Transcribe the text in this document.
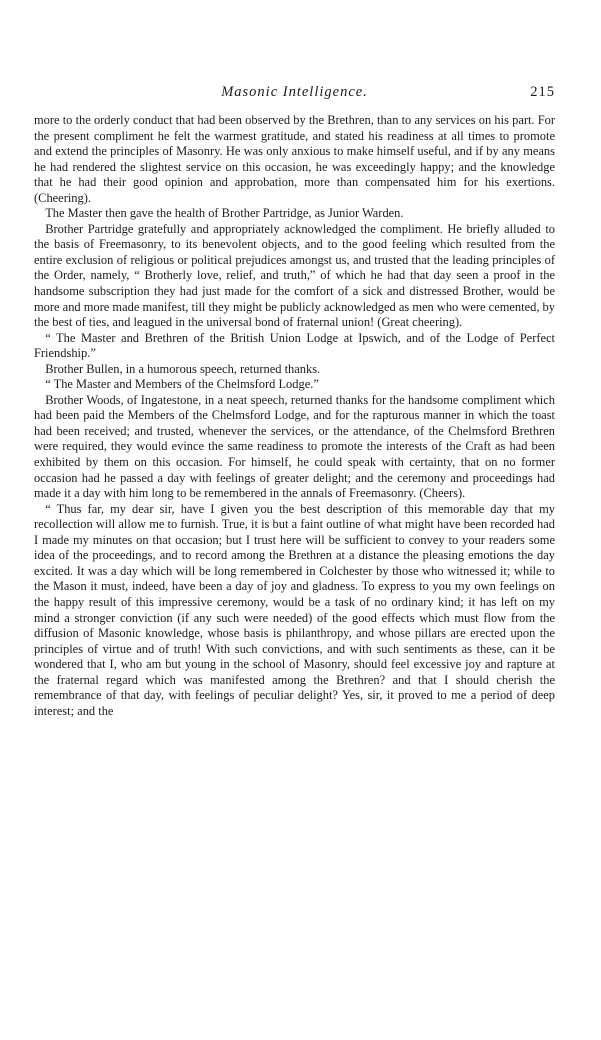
Masonic Intelligence.	215

more to the orderly conduct that had been observed by the Brethren, than to any services on his part. For the present compliment he felt the warmest gratitude, and stated his readiness at all times to promote and extend the principles of Masonry. He was only anxious to make himself useful, and if by any means he had rendered the slightest service on this occasion, he was exceedingly happy; and the knowledge that he had their good opinion and approbation, more than compensated him for his exertions. (Cheering).

The Master then gave the health of Brother Partridge, as Junior Warden.

Brother Partridge gratefully and appropriately acknowledged the compliment. He briefly alluded to the basis of Freemasonry, to its benevolent objects, and to the good feeling which resulted from the entire exclusion of religious or political prejudices amongst us, and trusted that the leading principles of the Order, namely, “ Brotherly love, relief, and truth,” of which he had that day seen a proof in the handsome subscription they had just made for the comfort of a sick and distressed Brother, would be more and more made manifest, till they might be publicly acknowledged as men who were cemented, by the best of ties, and leagued in the universal bond of fraternal union! (Great cheering).

“ The Master and Brethren of the British Union Lodge at Ipswich, and of the Lodge of Perfect Friendship.”

Brother Bullen, in a humorous speech, returned thanks.

“ The Master and Members of the Chelmsford Lodge.”

Brother Woods, of Ingatestone, in a neat speech, returned thanks for the handsome compliment which had been paid the Members of the Chelmsford Lodge, and for the rapturous manner in which the toast had been received; and trusted, whenever the services, or the attendance, of the Chelmsford Brethren were required, they would evince the same readiness to promote the interests of the Craft as had been exhibited by them on this occasion. For himself, he could speak with certainty, that on no former occasion had he passed a day with feelings of greater delight; and the ceremony and proceedings had made it a day with him long to be remembered in the annals of Freemasonry. (Cheers).

“ Thus far, my dear sir, have I given you the best description of this memorable day that my recollection will allow me to furnish. True, it is but a faint outline of what might have been recorded had I made my minutes on that occasion; but I trust here will be sufficient to convey to your readers some idea of the proceedings, and to record among the Brethren at a distance the pleasing emotions the day excited. It was a day which will be long remembered in Colchester by those who witnessed it; while to the Mason it must, indeed, have been a day of joy and gladness. To express to you my own feelings on the happy result of this impressive ceremony, would be a task of no ordinary kind; it has left on my mind a stronger conviction (if any such were needed) of the good effects which must flow from the diffusion of Masonic knowledge, whose basis is philanthropy, and whose pillars are erected upon the principles of virtue and of truth! With such convictions, and with such sentiments as these, can it be wondered that I, who am but young in the school of Masonry, should feel excessive joy and rapture at the fraternal regard which was manifested among the Brethren? and that I should cherish the remembrance of that day, with feelings of peculiar delight? Yes, sir, it proved to me a period of deep interest; and the
